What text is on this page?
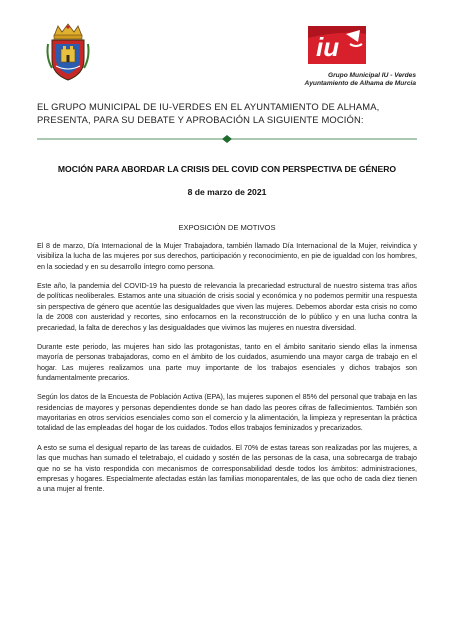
iu
Grupo Municipal IU - Verdes
Ayuntamiento de Alhama de Murcia
EL GRUPO MUNICIPAL DE IU-VERDES EN EL AYUNTAMIENTO DE ALHAMA, PRESENTA, PARA SU DEBATE Y APROBACIÓN LA SIGUIENTE MOCIÓN:
MOCIÓN PARA ABORDAR LA CRISIS DEL COVID CON PERSPECTIVA DE GÉNERO
8 de marzo de 2021
EXPOSICIÓN DE MOTIVOS

El 8 de marzo, Día Internacional de la Mujer Trabajadora, también llamado Día Internacional de la Mujer, reivindica y visibiliza la lucha de las mujeres por sus derechos, participación y reconocimiento, en pie de igualdad con los hombres, en la sociedad y en su desarrollo íntegro como persona.

Este año, la pandemia del COVID-19 ha puesto de relevancia la precariedad estructural de nuestro sistema tras años de políticas neoliberales. Estamos ante una situación de crisis social y económica y no podemos permitir una respuesta sin perspectiva de género que acentúe las desigualdades que viven las mujeres. Debemos abordar esta crisis no como la de 2008 con austeridad y recortes, sino enfocarnos en la reconstrucción de lo público y en una lucha contra la precariedad, la falta de derechos y las desigualdades que vivimos las mujeres en nuestra diversidad.

Durante este periodo, las mujeres han sido las protagonistas, tanto en el ámbito sanitario siendo ellas la inmensa mayoría de personas trabajadoras, como en el ámbito de los cuidados, asumiendo una mayor carga de trabajo en el hogar. Las mujeres realizamos una parte muy importante de los trabajos esenciales y dichos trabajos son fundamentalmente precarios.

Según los datos de la Encuesta de Población Activa (EPA), las mujeres suponen el 85% del personal que trabaja en las residencias de mayores y personas dependientes donde se han dado las peores cifras de fallecimientos. También son mayoritarias en otros servicios esenciales como son el comercio y la alimentación, la limpieza y representan la práctica totalidad de las empleadas del hogar de los cuidados. Todos ellos trabajos feminizados y precarizados.

A esto se suma el desigual reparto de las tareas de cuidados. El 70% de estas tareas son realizadas por las mujeres, a las que muchas han sumado el teletrabajo, el cuidado y sostén de las personas de la casa, una sobrecarga de trabajo que no se ha visto respondida con mecanismos de corresponsabilidad desde todos los ámbitos: administraciones, empresas y hogares. Especialmente afectadas están las familias monoparentales, de las que ocho de cada diez tienen a una mujer al frente.
